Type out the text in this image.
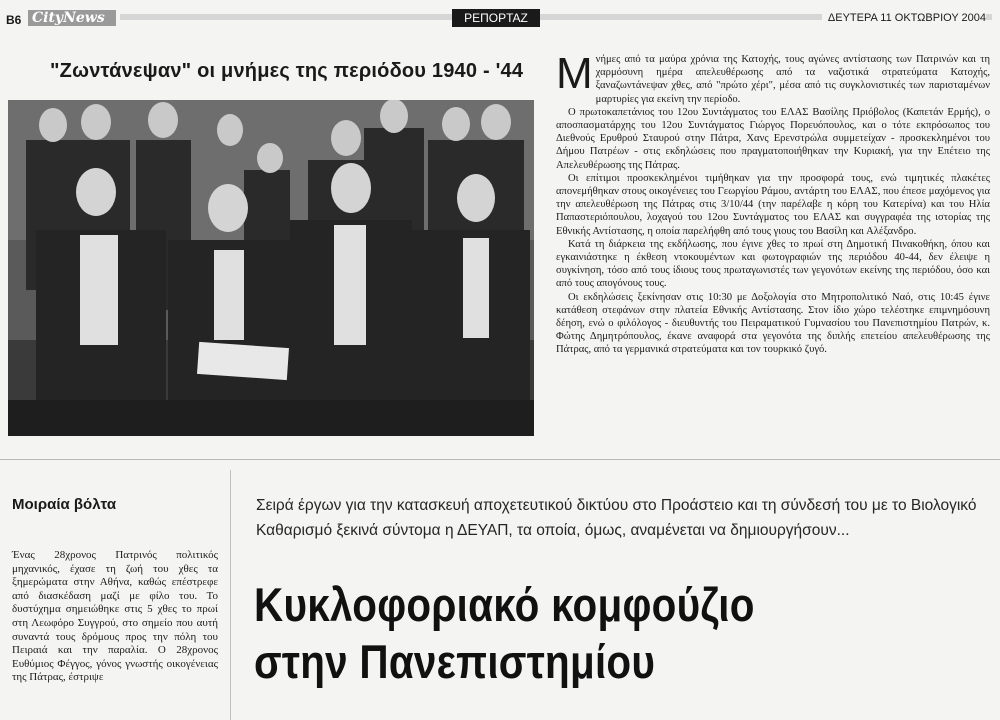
B6 CityNews	ΡΕΠΟΡΤΑΖ	ΔΕΥΤΕΡΑ 11 ΟΚΤΩΒΡΙΟΥ 2004
"Ζωντάνεψαν" οι μνήμες της περιόδου 1940 - '44 Μνήμες από τα μαύρα χρόνια της Κατοχής, τους αγώνες αντίστασης των Πατρινών και τη χαρμόσυνη ημέρα απελευθέρωσης από τα ναζιστικά στρατεύματα Κατοχής, ξαναζωντάνεψαν χθες, από "πρώτο χέρι", μέσα από τις συγκλονιστικές των παρισταμένων μαρτυρίες για εκείνη την περίοδο.

Ο πρωτοκαπετάνιος του 12ου Συντάγματος του ΕΛΑΣ Βασίλης Πριόβολος (Καπετάν Ερμής), ο αποσπασματάρχης του 12ου Συντάγματος Γιώργος Πορευόπουλος, και ο τότε εκπρόσωπος του Διεθνούς Ερυθρού Σταυρού στην Πάτρα, Χανς Ερενστρώλα συμμετείχαν - προσκεκλημένοι του Δήμου Πατρέων - στις εκδηλώσεις που πραγματοποιήθηκαν την Κυριακή, για την Επέτειο της Απελευθέρωσης της Πάτρας.

Οι επίτιμοι προσκεκλημένοι τιμήθηκαν για την προσφορά τους, ενώ τιμητικές πλακέτες απονεμήθηκαν στους οικογένειες του Γεωργίου Ράμου, αντάρτη του ΕΛΑΣ, που έπεσε μαχόμενος για την απελευθέρωση της Πάτρας στις 3/10/44 (την παρέλαβε η κόρη του Κατερίνα) και του Ηλία Παπαστεριόπουλου, λοχαγού του 12ου Συντάγματος του ΕΛΑΣ και συγγραφέα της ιστορίας της Εθνικής Αντίστασης, η οποία παρελήφθη από τους γιους του Βασίλη και Αλέξανδρο.

Κατά τη διάρκεια της εκδήλωσης, που έγινε χθες το πρωί στη Δημοτική Πινακοθήκη, όπου και εγκαινιάστηκε η έκθεση ντοκουμέντων και φωτογραφιών της περιόδου 40-44, δεν έλειψε η συγκίνηση, τόσο από τους ίδιους τους πρωταγωνιστές των γεγονότων εκείνης της περιόδου, όσο και από τους απογόνους τους.

Οι εκδηλώσεις ξεκίνησαν στις 10:30 με Δοξολογία στο Μητροπολιτικό Ναό, στις 10:45 έγινε κατάθεση στεφάνων στην πλατεία Εθνικής Αντίστασης. Στον ίδιο χώρο τελέστηκε επιμνημόσυνη δέηση, ενώ ο φιλόλογος - διευθυντής του Πειραματικού Γυμνασίου του Πανεπιστημίου Πατρών, κ. Φώτης Δημητρόπουλος, έκανε αναφορά στα γεγονότα της διπλής επετείου απελευθέρωσης της Πάτρας, από τα γερμανικά στρατεύματα και τον τουρκικό ζυγό.

Μοιραία βόλτα
Ένας 28χρονος Πατρινός πολιτικός μηχανικός, έχασε τη ζωή του χθες τα ξημερώματα στην Αθήνα, καθώς επέστρεφε από διασκέδαση μαζί με φίλο του. Το δυστύχημα σημειώθηκε στις 5 χθες το πρωί στη Λεωφόρο Συγγρού, στο σημείο που αυτή συναντά τους δρόμους προς την πόλη του Πειραιά και την παραλία. Ο 28χρονος Ευθύμιος Φέγγος, γόνος γνωστής οικογένειας της Πάτρας, έστριψε
Σειρά έργων για την κατασκευή αποχετευτικού δικτύου στο Προάστειο και τη σύνδεσή του με το Βιολογικό Καθαρισμό ξεκινά σύντομα η ΔΕΥΑΠ, τα οποία, όμως, αναμένεται να δημιουργήσουν...
Κυκλοφοριακό κομφούζιο
στην Πανεπιστημίου
